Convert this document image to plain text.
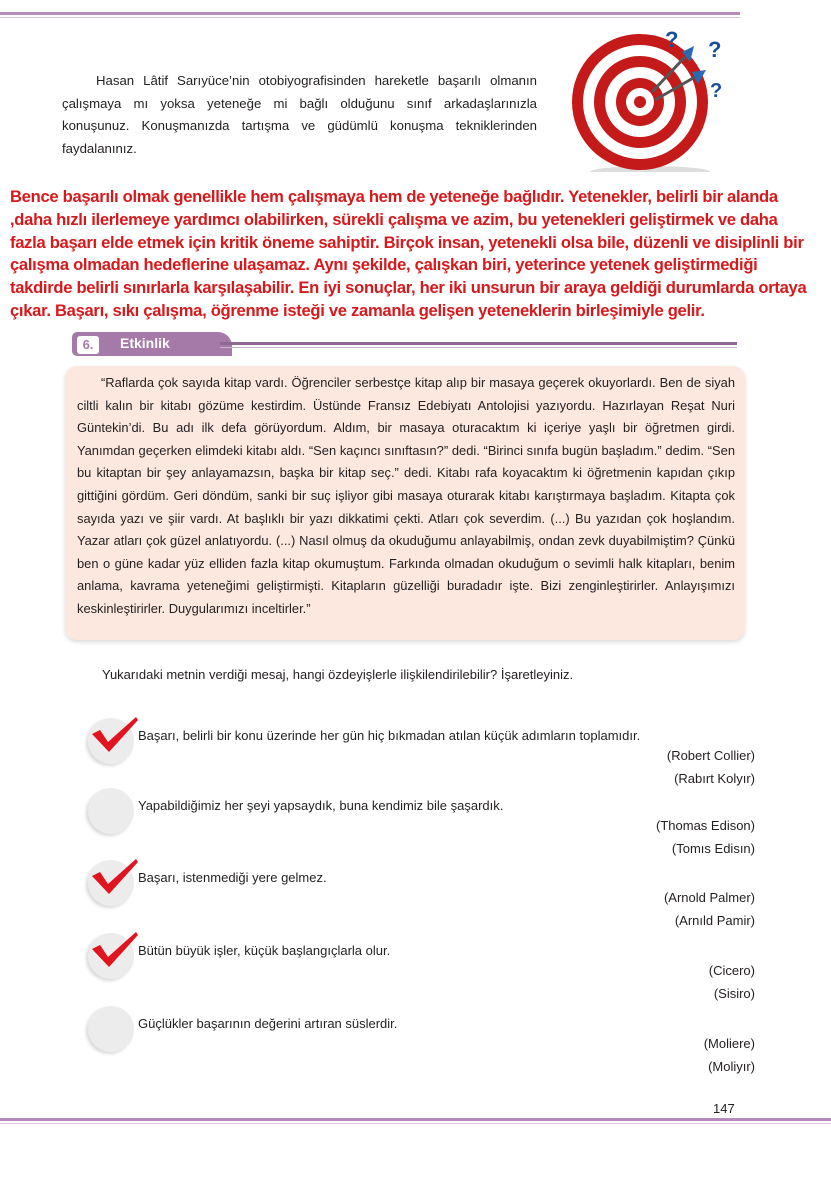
Hasan Lâtif Sarıyüce’nin otobiyografisinden hareketle başarılı olmanın çalışmaya mı yoksa yeteneğe mi bağlı olduğunu sınıf arkadaşlarınızla konuşunuz. Konuşmanızda tartışma ve güdümlü konuşma tekniklerinden faydalanınız.

? ?
?
Bence başarılı olmak genellikle hem çalışmaya hem de yeteneğe bağlıdır. Yetenekler, belirli bir alanda
,daha hızlı ilerlemeye yardımcı olabilirken, sürekli çalışma ve azim, bu yetenekleri geliştirmek ve daha
fazla başarı elde etmek için kritik öneme sahiptir. Birçok insan, yetenekli olsa bile, düzenli ve disiplinli bir
çalışma olmadan hedeflerine ulaşamaz. Aynı şekilde, çalışkan biri, yeterince yetenek geliştirmediği
takdirde belirli sınırlarla karşılaşabilir. En iyi sonuçlar, her iki unsurun bir araya geldiği durumlarda ortaya
çıkar. Başarı, sıkı çalışma, öğrenme isteği ve zamanla gelişen yeteneklerin birleşimiyle gelir.
6.	Etkinlik

“Raflarda çok sayıda kitap vardı. Öğrenciler serbestçe kitap alıp bir masaya geçerek okuyorlardı. Ben de siyah ciltli kalın bir kitabı gözüme kestirdim. Üstünde Fransız Edebiyatı Antolojisi yazıyordu. Hazırlayan Reşat Nuri Güntekin’di. Bu adı ilk defa görüyordum. Aldım, bir masaya oturacaktım ki içeriye yaşlı bir öğretmen girdi. Yanımdan geçerken elimdeki kitabı aldı. “Sen kaçıncı sınıftasın?” dedi. “Birinci sınıfa bugün başladım.” dedim. “Sen bu kitaptan bir şey anlayamazsın, başka bir kitap seç.” dedi. Kitabı rafa koyacaktım ki öğretmenin kapıdan çıkıp gittiğini gördüm. Geri döndüm, sanki bir suç işliyor gibi masaya oturarak kitabı karıştırmaya başladım. Kitapta çok sayıda yazı ve şiir vardı. At başlıklı bir yazı dikkatimi çekti. Atları çok severdim. (...) Bu yazıdan çok hoşlandım. Yazar atları çok güzel anlatıyordu. (...) Nasıl olmuş da okuduğumu anlayabilmiş, ondan zevk duyabilmiştim? Çünkü ben o güne kadar yüz elliden fazla kitap okumuştum. Farkında olmadan okuduğum o sevimli halk kitapları, benim anlama, kavrama yeteneğimi geliştirmişti. Kitapların güzelliği buradadır işte. Bizi zenginleştirirler. Anlayışımızı keskinleştirirler. Duygularımızı inceltirler.”

Yukarıdaki metnin verdiği mesaj, hangi özdeyişlerle ilişkilendirilebilir? İşaretleyiniz.

Başarı, belirli bir konu üzerinde her gün hiç bıkmadan atılan küçük adımların toplamıdır.
(Robert Collier)
(Rabırt Kolyır)
Yapabildiğimiz her şeyi yapsaydık, buna kendimiz bile şaşardık.
(Thomas Edison)
(Tomıs Edisın)
Başarı, istenmediği yere gelmez.
(Arnold Palmer)
(Arnıld Pamir)
Bütün büyük işler, küçük başlangıçlarla olur.
(Cicero)
(Sisiro)
Güçlükler başarının değerini artıran süslerdir.
(Moliere)
(Moliyır)
147
